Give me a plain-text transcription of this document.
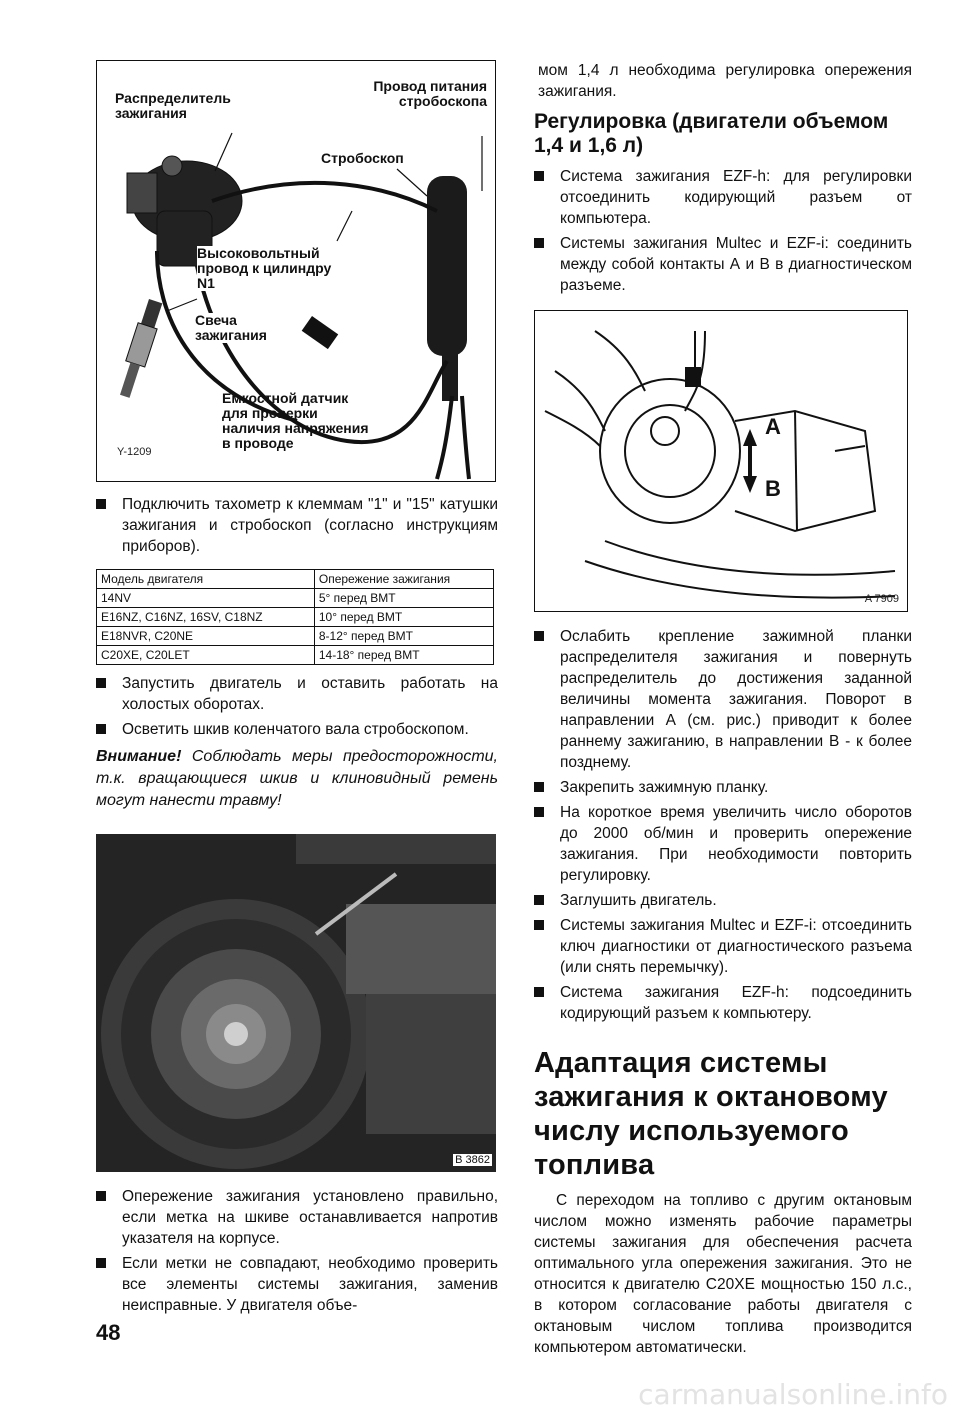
Распределитель зажигания
Провод питания стробоскопа
Стробоскоп
Высоковольтный провод к цилиндру N1
Свеча зажигания
Емкостной датчик для проверки наличия напряжения в проводе
Y-1209
Подключить тахометр к клеммам "1" и "15" катушки зажигания и стробоскоп (согласно инструкциям приборов).
Модель двигателя	Опережение зажигания
14NV	5° перед ВМТ
E16NZ, C16NZ, 16SV, C18NZ	10° перед ВМТ
E18NVR, C20NE	8-12° перед ВМТ
C20XE, C20LET	14-18° перед ВМТ
Запустить двигатель и оставить работать на холостых оборотах.
Осветить шкив коленчатого вала стробоскопом.
Внимание! Соблюдать меры предосторожности, т.к. вращающиеся шкив и клиновидный ремень могут нанести травму!
B 3862
Опережение зажигания установлено правильно, если метка на шкиве останавливается напротив указателя на корпусе.
Если метки не совпадают, необходимо проверить все элементы системы зажигания, заменив неисправные. У двигателя объе-
мом 1,4 л необходима регулировка опережения зажигания.
Регулировка (двигатели объемом 1,4 и 1,6 л)
Система зажигания EZF-h: для регулировки отсоединить кодирующий разъем от компьютера.
Системы зажигания Multec и EZF-i: соединить между собой контакты А и В в диагностическом разъеме.
A
B
A 7909
Ослабить крепление зажимной планки распределителя зажигания и повернуть распределитель до достижения заданной величины момента зажигания. Поворот в направлении А (см. рис.) приводит к более раннему зажиганию, в направлении В - к более позднему.
Закрепить зажимную планку.
На короткое время увеличить число оборотов до 2000 об/мин и проверить опережение зажигания. При необходимости повторить регулировку.
Заглушить двигатель.
Системы зажигания Multec и EZF-i: отсоединить ключ диагностики от диагностического разъема (или снять перемычку).
Система зажигания EZF-h: подсоединить кодирующий разъем к компьютеру.
Адаптация системы зажигания к октановому числу используемого топлива
С переходом на топливо с другим октановым числом можно изменять рабочие параметры системы зажигания для обеспечения расчета оптимального угла опережения зажигания. Это не относится к двигателю C20XE мощностью 150 л.с., в котором согласование работы двигателя с октановым числом топлива производится компьютером автоматически.
48
carmanualsonline.info
